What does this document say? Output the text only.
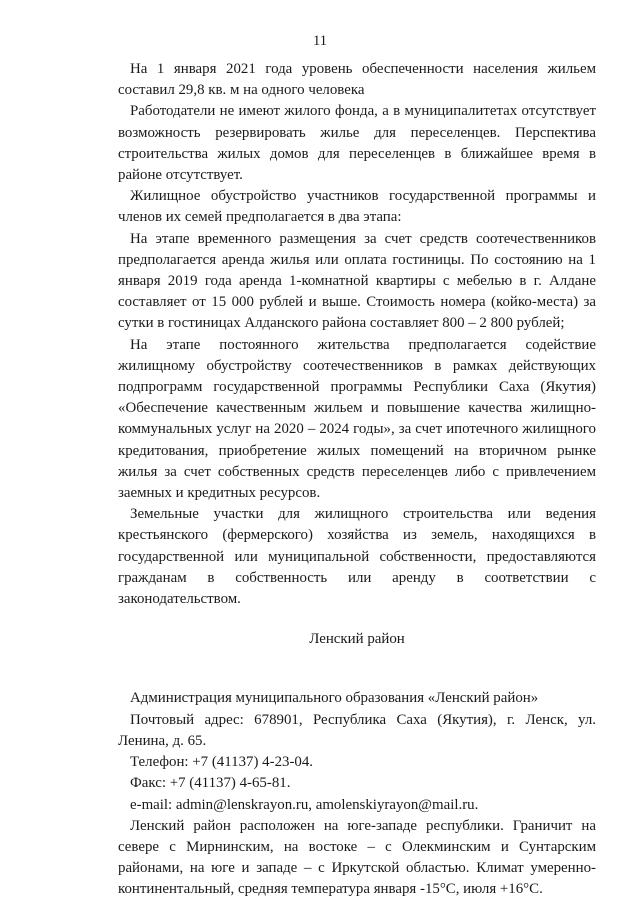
11

На 1 января 2021 года уровень обеспеченности населения жильем составил 29,8 кв. м на одного человека

Работодатели не имеют жилого фонда, а в муниципалитетах отсутствует возможность резервировать жилье для переселенцев. Перспектива строительства жилых домов для переселенцев в ближайшее время в районе отсутствует.

Жилищное обустройство участников государственной программы и членов их семей предполагается в два этапа:

На этапе временного размещения за счет средств соотечественников предполагается аренда жилья или оплата гостиницы. По состоянию на 1 января 2019 года аренда 1-комнатной квартиры с мебелью в г. Алдане составляет от 15 000 рублей и выше. Стоимость номера (койко-места) за сутки в гостиницах Алданского района составляет 800 – 2 800 рублей;

На этапе постоянного жительства предполагается содействие жилищному обустройству соотечественников в рамках действующих подпрограмм государственной программы Республики Саха (Якутия) «Обеспечение качественным жильем и повышение качества жилищно-коммунальных услуг на 2020 – 2024 годы», за счет ипотечного жилищного кредитования, приобретение жилых помещений на вторичном рынке жилья за счет собственных средств переселенцев либо с привлечением заемных и кредитных ресурсов.

Земельные участки для жилищного строительства или ведения крестьянского (фермерского) хозяйства из земель, находящихся в государственной или муниципальной собственности, предоставляются гражданам в собственность или аренду в соответствии с законодательством.

Ленский район

Администрация муниципального образования «Ленский район»

Почтовый адрес: 678901, Республика Саха (Якутия), г. Ленск, ул. Ленина, д. 65.

Телефон: +7 (41137) 4-23-04.

Факс: +7 (41137) 4-65-81.

e-mail: admin@lenskrayon.ru, amolenskiyrayon@mail.ru.

Ленский район расположен на юге-западе республики. Граничит на севере с Мирнинским, на востоке – с Олекминским и Сунтарским районами, на юге и западе – с Иркутской областью. Климат умеренно-континентальный, средняя температура января -15°С, июля +16°С.
